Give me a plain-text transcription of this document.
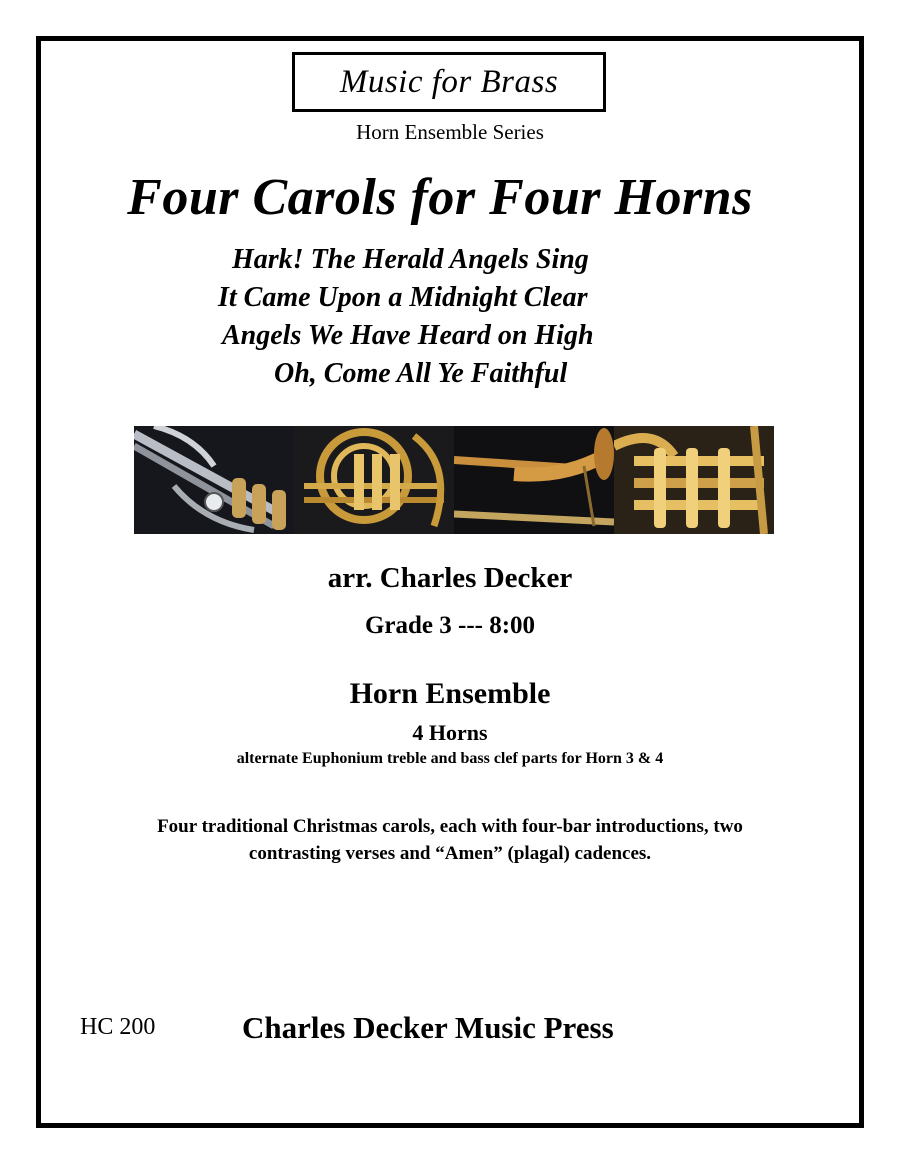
Music for Brass
Horn Ensemble Series
Four Carols for Four Horns
Hark! The Herald Angels Sing
It Came Upon a Midnight Clear
Angels We Have Heard on High
Oh, Come All Ye Faithful
arr. Charles Decker
Grade 3 --- 8:00
Horn Ensemble
4 Horns
alternate Euphonium treble and bass clef parts for Horn 3 & 4
Four traditional Christmas carols, each with four-bar introductions, two
contrasting verses and “Amen” (plagal) cadences.
HC 200	Charles Decker Music Press
